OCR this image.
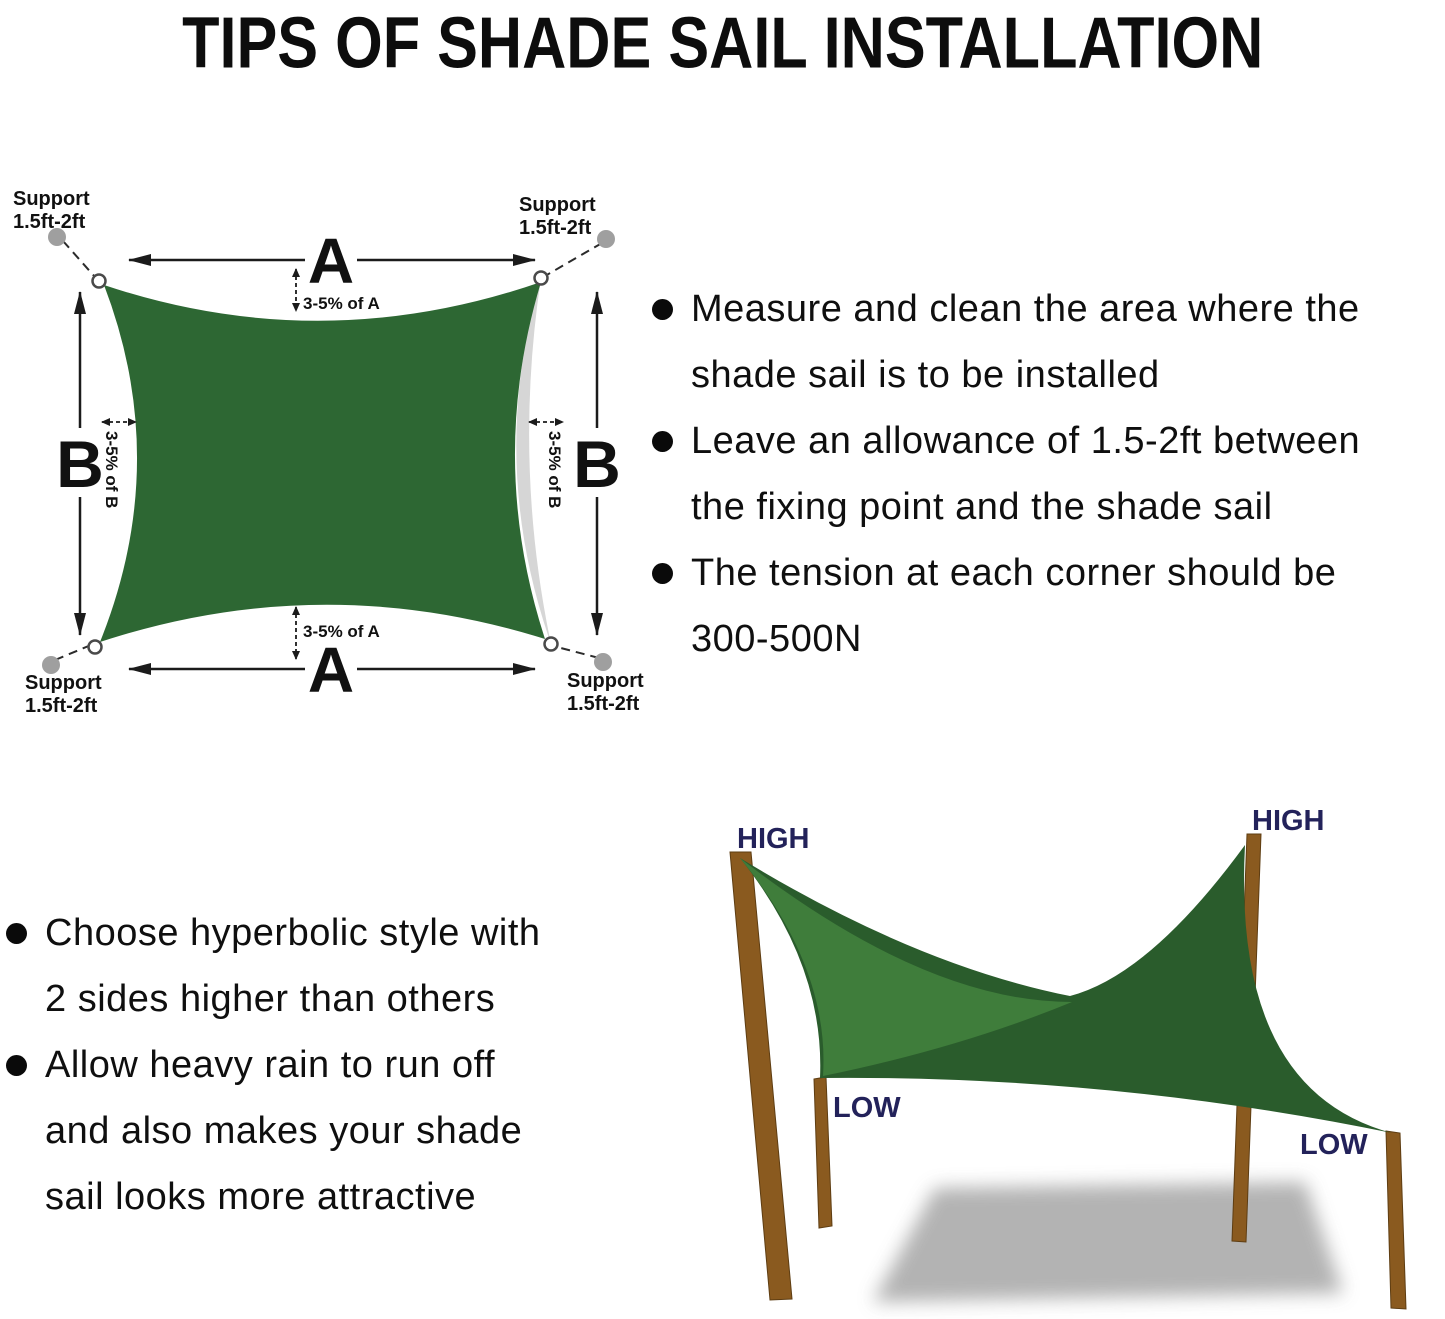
TIPS OF SHADE SAIL INSTALLATION
A
3-5% of A
A
3-5% of A
B
3-5% of B	B
3-5% of B
Support
1.5ft-2ft
Support
1.5ft-2ft
Support
1.5ft-2ft
Support
1.5ft-2ft
Measure and clean the area where the
shade sail is to be installed
Leave an allowance of 1.5-2ft between
the fixing point and the shade sail
The tension at each corner should be
300-500N
Choose hyperbolic style with
2 sides higher than others
Allow heavy rain to run off
and also makes your shade
sail looks more attractive
HIGH
HIGH
LOW
LOW
